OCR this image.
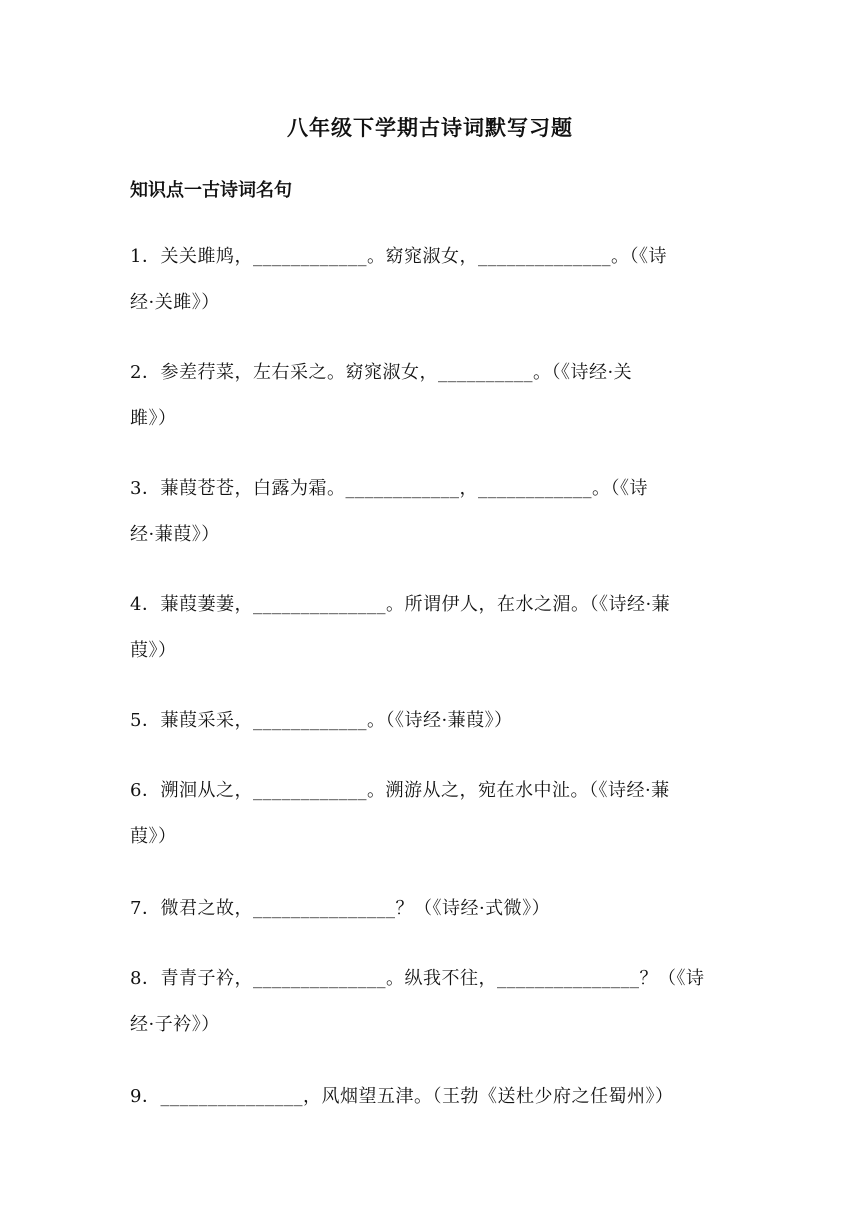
八年级下学期古诗词默写习题
知识点一古诗词名句
1．关关雎鸠，____________。窈窕淑女，______________。（《诗
经·关雎》）
2．参差荇菜，左右采之。窈窕淑女，__________。（《诗经·关
雎》）
3．蒹葭苍苍，白露为霜。____________，____________。（《诗
经·蒹葭》）
4．蒹葭萋萋，______________。所谓伊人，在水之湄。（《诗经·蒹
葭》）
5．蒹葭采采，____________。（《诗经·蒹葭》）
6．溯洄从之，____________。溯游从之，宛在水中沚。（《诗经·蒹
葭》）
7．微君之故，_______________？（《诗经·式微》）
8．青青子衿，______________。纵我不往，_______________？（《诗
经·子衿》）
9．_______________，风烟望五津。（王勃《送杜少府之任蜀州》）
